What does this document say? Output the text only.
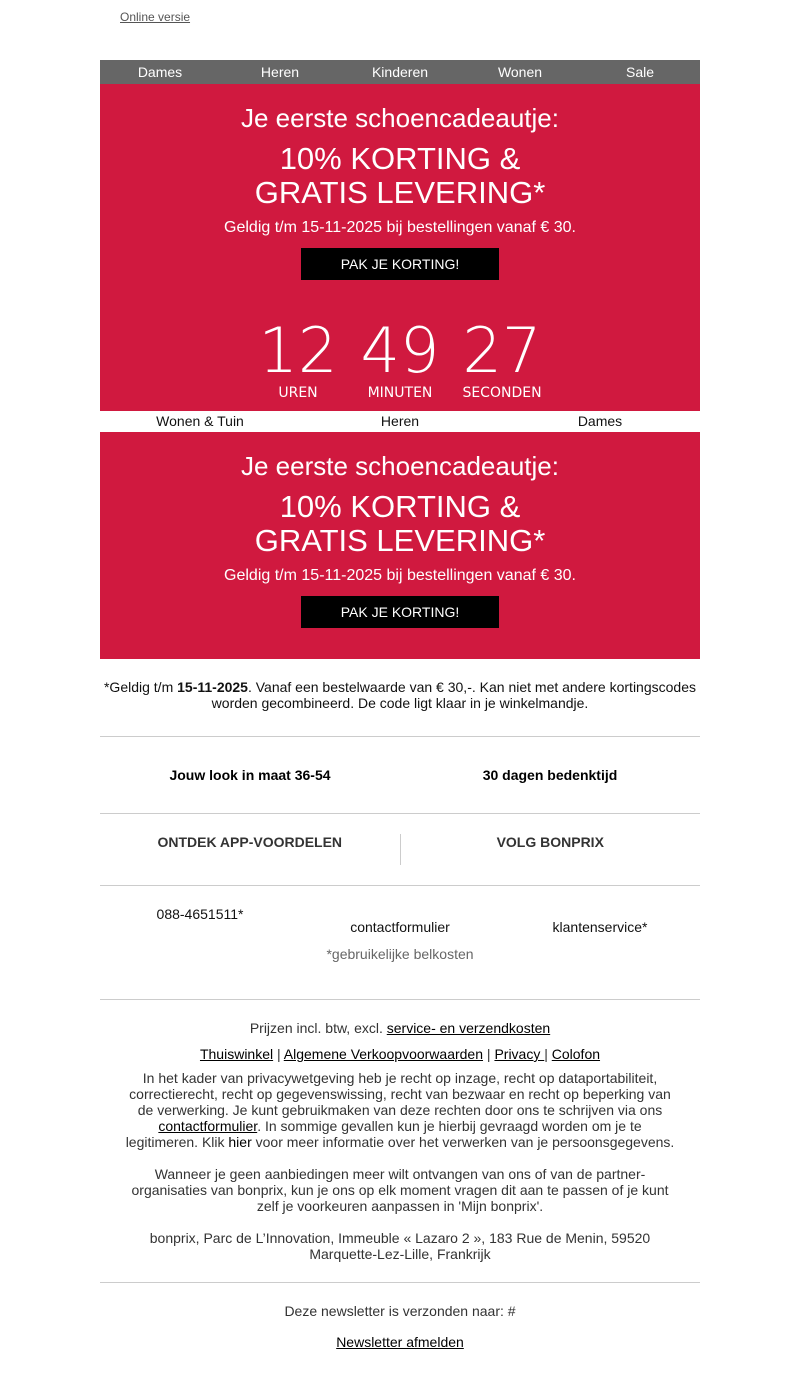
Online versie
Dames	Heren	Kinderen	Wonen	Sale
Je eerste schoencadeautje:
10% KORTING &
GRATIS LEVERING*
Geldig t/m 15-11-2025 bij bestellingen vanaf € 30.
PAK JE KORTING!
12
UREN
49
MINUTEN
27
SECONDEN
Wonen & Tuin	Heren	Dames
Je eerste schoencadeautje:
10% KORTING &
GRATIS LEVERING*
Geldig t/m 15-11-2025 bij bestellingen vanaf € 30.
PAK JE KORTING!
*Geldig t/m 15-11-2025. Vanaf een bestelwaarde van € 30,-. Kan niet met andere kortingscodes worden gecombineerd. De code ligt klaar in je winkelmandje.
Jouw look in maat 36-54	30 dagen bedenktijd
ONTDEK APP-VOORDELEN	VOLG BONPRIX
088-4651511*
contactformulier	klantenservice*
*gebruikelijke belkosten

Prijzen incl. btw, excl. service- en verzendkosten

Thuiswinkel | Algemene Verkoopvoorwaarden | Privacy | Colofon

In het kader van privacywetgeving heb je recht op inzage, recht op dataportabiliteit, correctierecht, recht op gegevenswissing, recht van bezwaar en recht op beperking van de verwerking. Je kunt gebruikmaken van deze rechten door ons te schrijven via ons contactformulier. In sommige gevallen kun je hierbij gevraagd worden om je te legitimeren. Klik hier voor meer informatie over het verwerken van je persoonsgegevens.

Wanneer je geen aanbiedingen meer wilt ontvangen van ons of van de partner-organisaties van bonprix, kun je ons op elk moment vragen dit aan te passen of je kunt zelf je voorkeuren aanpassen in 'Mijn bonprix'.

bonprix, Parc de L’Innovation, Immeuble « Lazaro 2 », 183 Rue de Menin, 59520 Marquette-Lez-Lille, Frankrijk

Deze newsletter is verzonden naar: #
Newsletter afmelden
